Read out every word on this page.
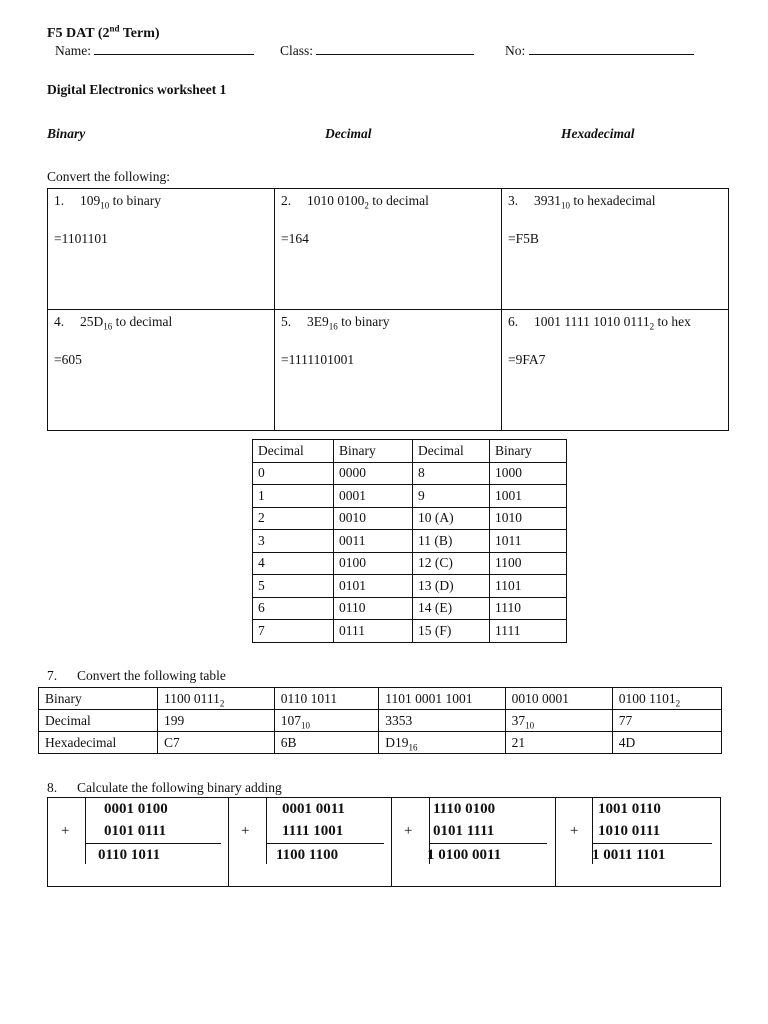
F5 DAT (2nd Term)
Name:	Class:	No:
Digital Electronics worksheet 1
Binary	Decimal	Hexadecimal
Convert the following:
1. $109_{10}$ to binary
=1101101	2. 1010 $0100_2$ to decimal
=164	3. $3931_{10}$ to hexadecimal
=F5B

4. $25D_{16}$ to decimal
=605	5. $3E9_{16}$ to binary
=1111101001	6. 1001 1111 1010 $0111_2$ to hex
=9FA7
Decimal	Binary	Decimal	Binary
0	0000	8	1000
1	0001	9	1001
2	0010	10 (A)	1010
3	0011	11 (B)	1011
4	0100	12 (C)	1100
5	0101	13 (D)	1101
6	0110	14 (E)	1110
7	0111	15 (F)	1111
7. Convert the following table
Binary	1100 $0111_2$	0110 1011	1101 0001 1001	0010 0001	0100 $1101_2$
Decimal	199	$107_{10}$	3353	$37_{10}$	77
Hexadecimal	C7	6B	$D19_{16}$	21	4D
8. Calculate the following binary adding
0001 0100
+ 0101 0111
0110 1011
0001 0011
+ 1111 1001
1100 1100
1110 0100
+ 0101 1111
1 0100 0011
1001 0110
+ 1010 0111
1 0011 1101
